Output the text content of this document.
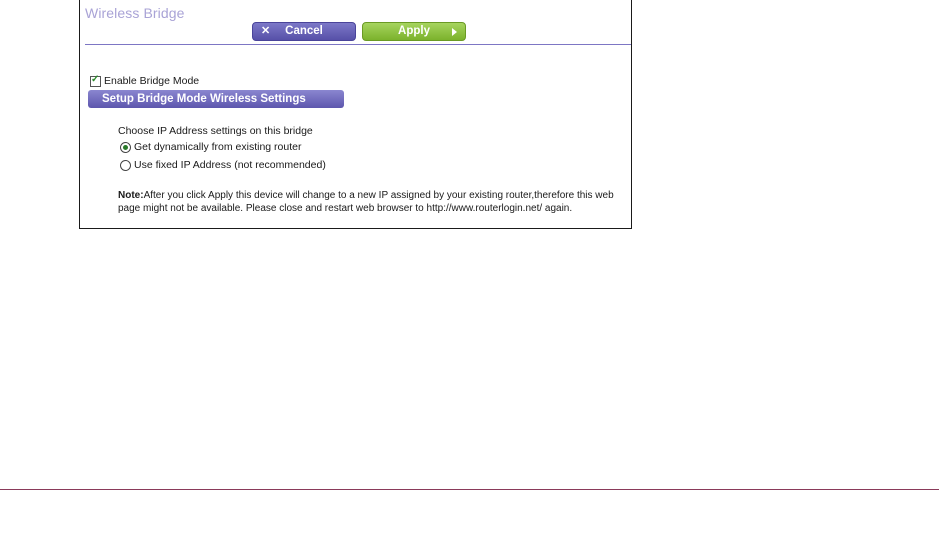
Wireless Bridge
✕	Cancel	Apply
✓ Enable Bridge Mode
Setup Bridge Mode Wireless Settings
Choose IP Address settings on this bridge
Get dynamically from existing router
Use fixed IP Address (not recommended)
Note:After you click Apply this device will change to a new IP assigned by your existing router,therefore this web page might not be available. Please close and restart web browser to http://www.routerlogin.net/ again.
